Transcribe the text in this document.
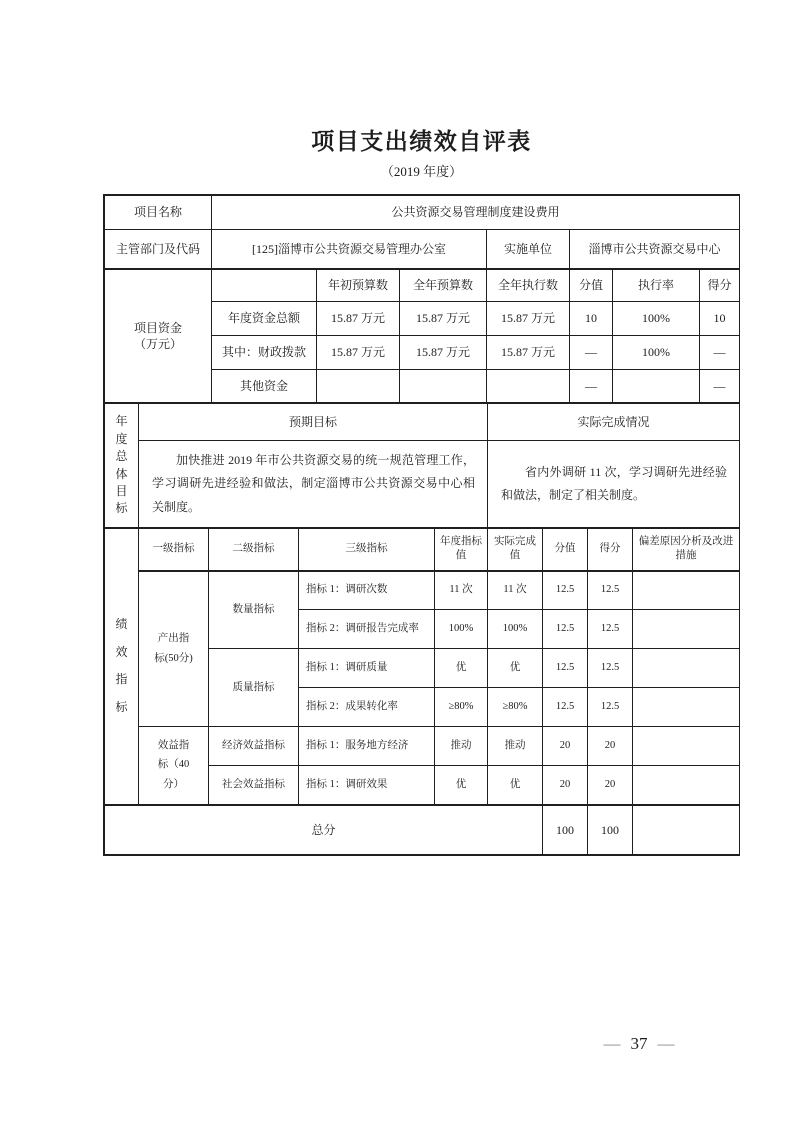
项目支出绩效自评表
（2019 年度）
项目名称	公共资源交易管理制度建设费用						
主管部门及代码	[125]淄博市公共资源交易管理办公室			实施单位	淄博市公共资源交易中心		
项目资金
（万元）		年初预算数	全年预算数	全年执行数	分值	执行率	得分
	年度资金总额	15.87 万元	15.87 万元	15.87 万元	10	100%	10
	其中：财政拨款	15.87 万元	15.87 万元	15.87 万元	—	100%	—
	其他资金				—		—
年度总体目标	预期目标	实际完成情况

	加快推进 2019 年市公共资源交易的统一规范管理工作，学习调研先进经验和做法，制定淄博市公共资源交易中心相关制度。	省内外调研 11 次，学习调研先进经验和做法，制定了相关制度。

绩效指标	一级指标	二级指标	三级指标	年度指标值	实际完成值	分值	得分	偏差原因分析及改进措施
	产出指标(50分)	数量指标	指标 1：调研次数	11 次	11 次	12.5	12.5	
			指标 2：调研报告完成率	100%	100%	12.5	12.5	
		质量指标	指标 1：调研质量	优	优	12.5	12.5	
			指标 2：成果转化率	≥80%	≥80%	12.5	12.5	
	效益指标（40分）	经济效益指标	指标 1：服务地方经济	推动	推动	20	20	
		社会效益指标	指标 1：调研效果	优	优	20	20	
总分						100	100	
— 37 —
